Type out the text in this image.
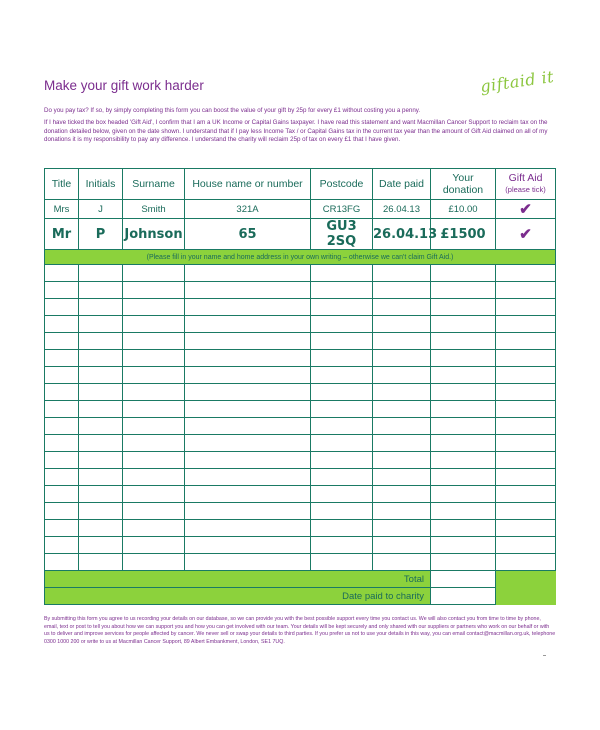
Make your gift work harder	giftaid it
Do you pay tax? If so, by simply completing this form you can boost the value of your gift by 25p for every £1 without costing you a penny.
If I have ticked the box headed 'Gift Aid', I confirm that I am a UK Income or Capital Gains taxpayer. I have read this statement and want Macmillan Cancer Support to reclaim tax on the donation detailed below, given on the date shown. I understand that if I pay less Income Tax / or Capital Gains tax in the current tax year than the amount of Gift Aid claimed on all of my donations it is my responsibility to pay any difference. I understand the charity will reclaim 25p of tax on every £1 that I have given.
Title	Initials	Surname	House name or number	Postcode	Date paid	Your donation	Gift Aid
(please tick)

Mrs	J	Smith	321A	CR13FG	26.04.13	£10.00	✔
Mr	P	Johnson	65	GU3 2SQ	26.04.13	£1500	✔
(Please fill in your name and home address in your own writing – otherwise we can't claim Gift Aid.)							

Total							
Date paid to charity							
By submitting this form you agree to us recording your details on our database, so we can provide you with the best possible support every time you contact us. We will also contact you from time to time by phone, email, text or post to tell you about how we can support you and how you can get involved with our team. Your details will be kept securely and only shared with our suppliers or partners who work on our behalf or with us to deliver and improve services for people affected by cancer. We never sell or swap your details to third parties. If you prefer us not to use your details in this way, you can email contact@macmillan.org.uk, telephone 0300 1000 200 or write to us at Macmillan Cancer Support, 89 Albert Embankment, London, SE1 7UQ.
